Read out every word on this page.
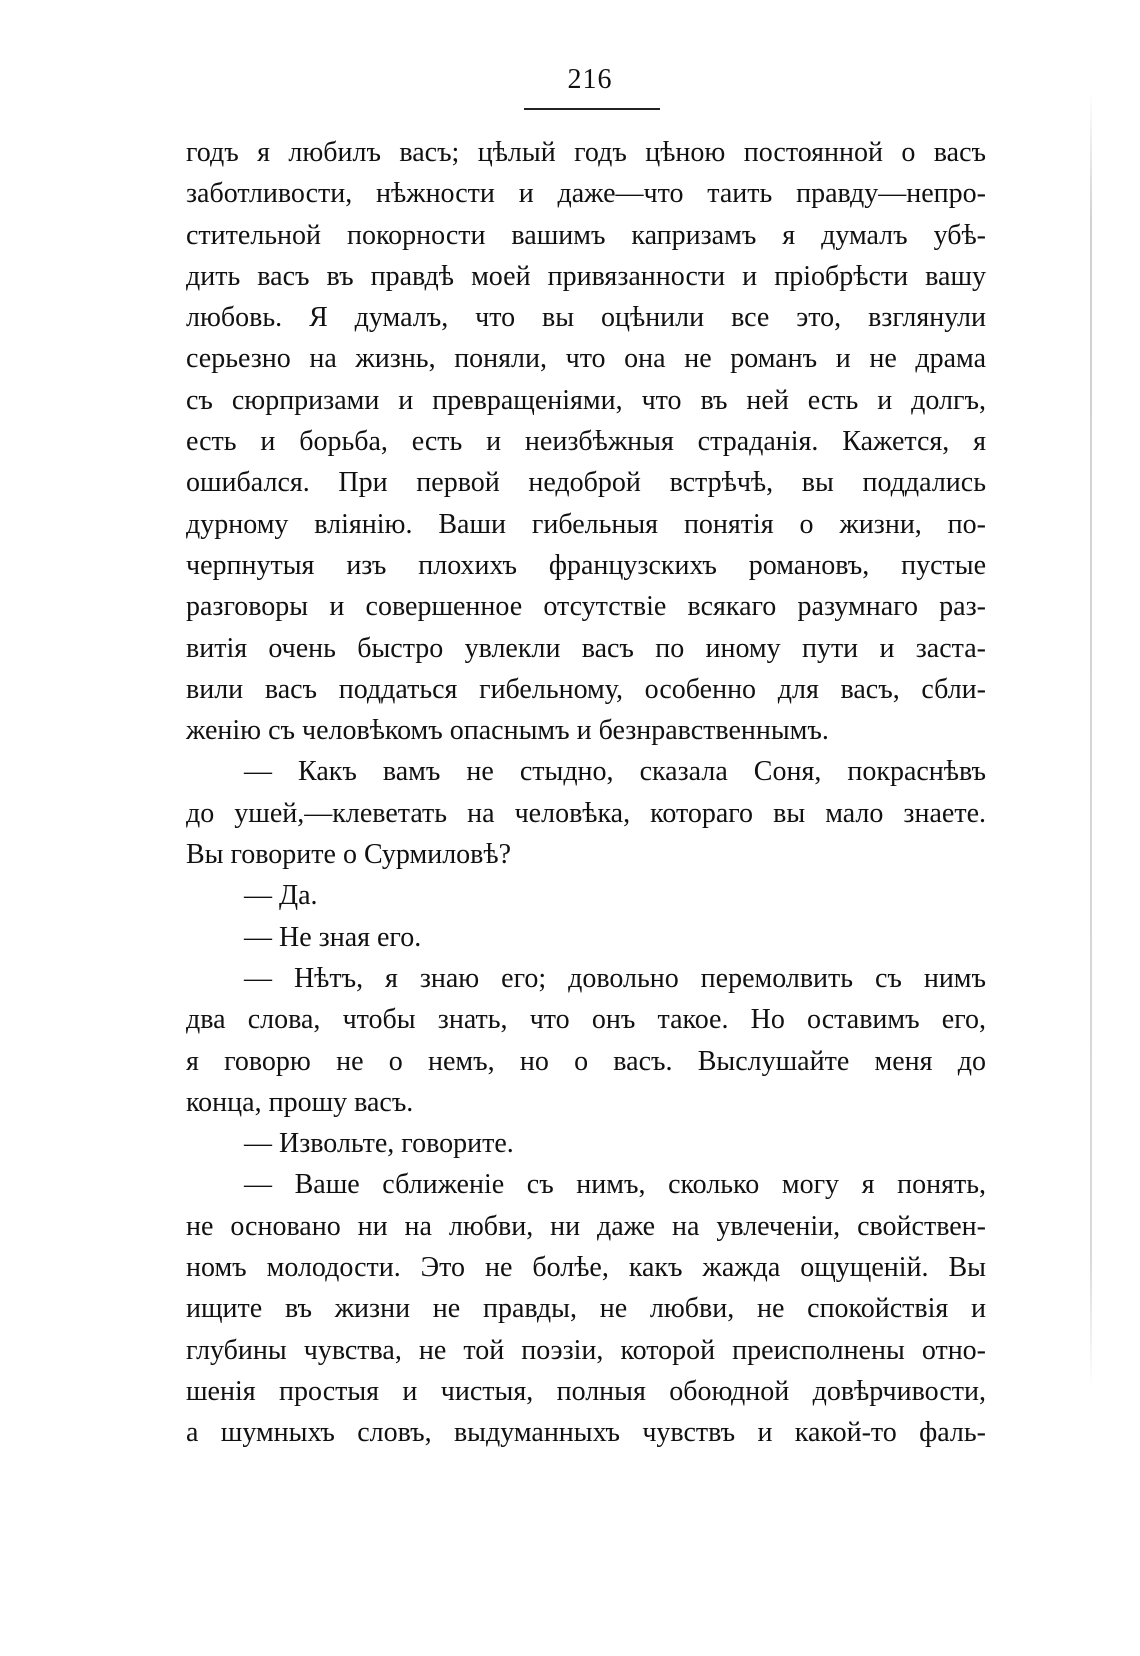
216
годъ я любилъ васъ; цѣлый годъ цѣною постоянной о васъ
заботливости, нѣжности и даже—что таить правду—непро-
стительной покорности вашимъ капризамъ я думалъ убѣ-
дить васъ въ правдѣ моей привязанности и пріобрѣсти вашу
любовь. Я думалъ, что вы оцѣнили все это, взглянули
серьезно на жизнь, поняли, что она не романъ и не драма
съ сюрпризами и превращеніями, что въ ней есть и долгъ,
есть и борьба, есть и неизбѣжныя страданія. Кажется, я
ошибался. При первой недоброй встрѣчѣ, вы поддались
дурному вліянію. Ваши гибельныя понятія о жизни, по-
черпнутыя изъ плохихъ французскихъ романовъ, пустые
разговоры и совершенное отсутствіе всякаго разумнаго раз-
витія очень быстро увлекли васъ по иному пути и заста-
вили васъ поддаться гибельному, особенно для васъ, сбли-
женію съ человѣкомъ опаснымъ и безнравственнымъ.
— Какъ вамъ не стыдно, сказала Соня, покраснѣвъ
до ушей,—клеветать на человѣка, котораго вы мало знаете.
Вы говорите о Сурмиловѣ?
— Да.
— Не зная его.
— Нѣтъ, я знаю его; довольно перемолвить съ нимъ
два слова, чтобы знать, что онъ такое. Но оставимъ его,
я говорю не о немъ, но о васъ. Выслушайте меня до
конца, прошу васъ.
— Извольте, говорите.
— Ваше сближеніе съ нимъ, сколько могу я понять,
не основано ни на любви, ни даже на увлеченіи, свойствен-
номъ молодости. Это не болѣе, какъ жажда ощущеній. Вы
ищите въ жизни не правды, не любви, не спокойствія и
глубины чувства, не той поэзіи, которой преисполнены отно-
шенія простыя и чистыя, полныя обоюдной довѣрчивости,
а шумныхъ словъ, выдуманныхъ чувствъ и какой-то фаль-
